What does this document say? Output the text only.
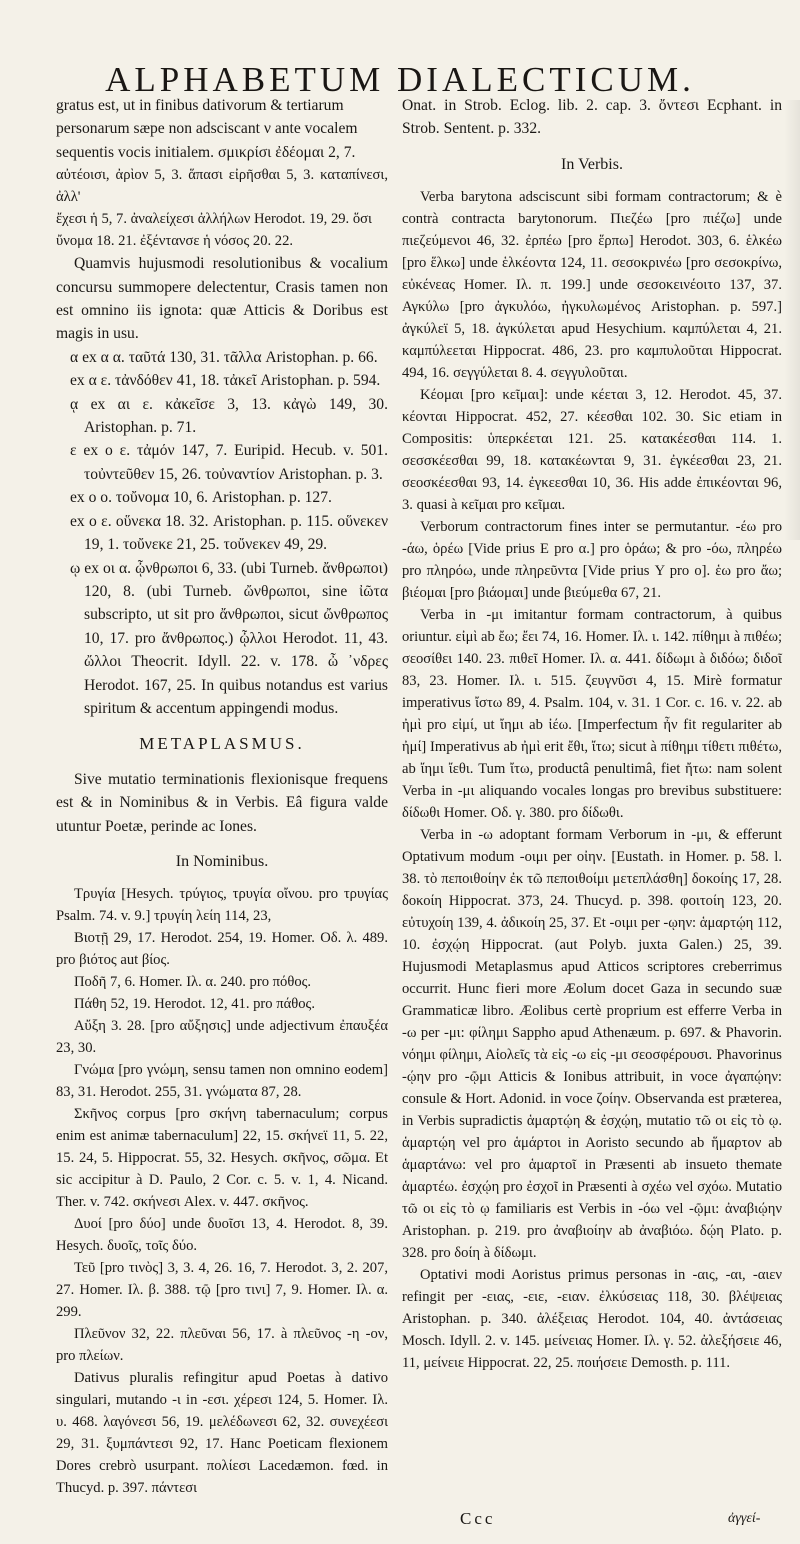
ALPHABETUM DIALECTICUM.

gratus est, ut in finibus dativorum & tertiarum

personarum sæpe non adsciscant ν ante vocalem

sequentis vocis initialem. σμικρίσι ἐδέομαι 2, 7.

αὐτέοισι, ἀρὶον 5, 3. ἅπασι εἰρῆσθαι 5, 3. καταπίνεσι, ἀλλ'

ἔχεσι ἡ 5, 7. ἀναλείχεσι ἀλλήλων Herodot. 19, 29. ὅσι

ὔνομα 18. 21. ἐξέντανσε ἡ νόσος 20. 22.

Quamvis hujusmodi resolutionibus & vocalium concursu summopere delectentur, Crasis tamen non est omnino iis ignota: quæ Atticis & Doribus est magis in usu.

α ex α α. ταῦτά 130, 31. τᾶλλα Aristophan. p. 66.

ex α ε. τἀνδόθεν 41, 18. τἀκεῖ Aristophan. p. 594.

ᾳ ex αι ε. κἀκεῖσε 3, 13. κἀγὼ 149, 30. Aristophan. p. 71.

ε ex ο ε. τἀμόν 147, 7. Euripid. Hecub. v. 501. τοὐντεῦθεν 15, 26. τοὐναντίον Aristophan. p. 3.

ex ο ο. τοὔνομα 10, 6. Aristophan. p. 127.

ex ο ε. οὕνεκα 18. 32. Aristophan. p. 115. οὕνεκεν 19, 1. τοὔνεκε 21, 25. τοὔνεκεν 49, 29.

ῳ ex οι α. ᾦνθρωποι 6, 33. (ubi Turneb. ἄνθρωποι) 120, 8. (ubi Turneb. ὤνθρωποι, sine ἰῶτα subscripto, ut sit pro ἄνθρωποι, sicut ὤνθρωπος 10, 17. pro ἄνθρωπος.) ᾦλλοι Herodot. 11, 43. ὤλλοι Theocrit. Idyll. 22. v. 178. ὦ ᾽νδρες Herodot. 167, 25. In quibus notandus est varius spiritum & accentum appingendi modus.

METAPLASMUS.

Sive mutatio terminationis flexionisque frequens est & in Nominibus & in Verbis. Eâ figura valde utuntur Poetæ, perinde ac Iones.

In Nominibus.

Τρυγία [Hesych. τρύγιος, τρυγία οἴνου. pro τρυγίας Psalm. 74. v. 9.] τρυγίη λείη 114, 23,

Βιοτῇ 29, 17. Herodot. 254, 19. Homer. Οδ. λ. 489. pro βιότος aut βίος.

Ποδῆ 7, 6. Homer. Ιλ. α. 240. pro πόθος.

Πάθη 52, 19. Herodot. 12, 41. pro πάθος.

Αὔξη 3. 28. [pro αὔξησις] unde adjectivum ἐπαυξέα 23, 30.

Γνώμα [pro γνώμη, sensu tamen non omnino eodem] 83, 31. Herodot. 255, 31. γνώματα 87, 28.

Σκῆνος corpus [pro σκήνη tabernaculum; corpus enim est animæ tabernaculum] 22, 15. σκήνεϊ 11, 5. 22, 15. 24, 5. Hippocrat. 55, 32. Hesych. σκῆνος, σῶμα. Et sic accipitur à D. Paulo, 2 Cor. c. 5. v. 1, 4. Nicand. Ther. v. 742. σκήνεσι Alex. v. 447. σκῆνος.

Δυοί [pro δύο] unde δυοῖσι 13, 4. Herodot. 8, 39. Hesych. δυοῖς, τοῖς δύο.

Τεῦ [pro τινὸς] 3, 3. 4, 26. 16, 7. Herodot. 3, 2. 207, 27. Homer. Ιλ. β. 388. τῷ [pro τινι] 7, 9. Homer. Ιλ. α. 299.

Πλεῦνον 32, 22. πλεῦναι 56, 17. à πλεῦνος -η -ον, pro πλείων.

Dativus pluralis refingitur apud Poetas à dativo singulari, mutando -ι in -εσι. χέρεσι 124, 5. Homer. Ιλ. υ. 468. λαγόνεσι 56, 19. μελέδωνεσι 62, 32. συνεχέεσι 29, 31. ξυμπάντεσι 92, 17. Hanc Poeticam flexionem Dores crebrò usurpant. πολίεσι Lacedæmon. fœd. in Thucyd. p. 397. πάντεσι

Onat. in Strob. Eclog. lib. 2. cap. 3. ὄντεσι Ecphant. in Strob. Sentent. p. 332.

In Verbis.

Verba barytona adsciscunt sibi formam contractorum; & è contrà contracta barytonorum. Πιεζέω [pro πιέζω] unde πιεζεύμενοι 46, 32. ἐρπέω [pro ἕρπω] Herodot. 303, 6. ἑλκέω [pro ἕλκω] unde ἑλκέοντα 124, 11. σεσοκρινέω [pro σεσοκρίνω, εὐκένεας Homer. Ιλ. π. 199.] unde σεσοκεινέοιτο 137, 37. Αγκύλω [pro ἀγκυλόω, ἠγκυλωμένος Aristophan. p. 597.] ἀγκύλεϊ 5, 18. ἀγκύλεται apud Hesychium. καμπύλεται 4, 21. καμπύλεεται Hippocrat. 486, 23. pro καμπυλοῦται Hippocrat. 494, 16. σεγγύλεται 8. 4. σεγγυλοῦται.

Κέομαι [pro κεῖμαι]: unde κέεται 3, 12. Herodot. 45, 37. κέονται Hippocrat. 452, 27. κέεσθαι 102. 30. Sic etiam in Compositis: ὑπερκέεται 121. 25. κατακέεσθαι 114. 1. σεσσκέεσθαι 99, 18. κατακέωνται 9, 31. ἐγκέεσθαι 23, 21. σεοσκέεσθαι 93, 14. ἐγκεεσθαι 10, 36. His adde ἐπικέονται 96, 3. quasi à κεῖμαι pro κεῖμαι.

Verborum contractorum fines inter se permutantur. -έω pro -άω, ὁρέω [Vide prius E pro α.] pro ὁράω; & pro -όω, πληρέω pro πληρόω, unde πληρεῦντα [Vide prius Υ pro ο]. ἑω pro ἄω; βιέομαι [pro βιάομαι] unde βιεύμεθα 67, 21.

Verba in -μι imitantur formam contractorum, à quibus oriuntur. εἰμὶ ab ἔω; ἔει 74, 16. Homer. Ιλ. ι. 142. πίθημι à πιθέω; σεοσίθει 140. 23. πιθεῖ Homer. Ιλ. α. 441. δίδωμι à διδόω; διδοῖ 83, 23. Homer. Ιλ. ι. 515. ζευγνῦσι 4, 15. Mirè formatur imperativus ἴστω 89, 4. Psalm. 104, v. 31. 1 Cor. c. 16. v. 22. ab ἠμὶ pro εἰμί, ut ἴημι ab ἰέω. [Imperfectum ἦν fit regulariter ab ἠμί] Imperativus ab ἠμὶ erit ἔθι, ἴτω; sicut à πίθημι τίθετι πιθέτω, ab ἴημι ἴεθι. Tum ἴτω, productâ penultimâ, fiet ἤτω: nam solent Verba in -μι aliquando vocales longas pro brevibus substituere: δίδωθι Homer. Οδ. γ. 380. pro δίδωθι.

Verba in -ω adoptant formam Verborum in -μι, & efferunt Optativum modum -οιμι per οἰην. [Eustath. in Homer. p. 58. l. 38. τὸ πεποιθοίην ἐκ τῶ πεποιθοίμι μετεπλάσθη] δοκοίης 17, 28. δοκοίη Hippocrat. 373, 24. Thucyd. p. 398. φοιτοίη 123, 20. εὐτυχοίη 139, 4. ἀδικοίη 25, 37. Et -οιμι per -ῳην: ἁμαρτῴη 112, 10. ἐσχῴη Hippocrat. (aut Polyb. juxta Galen.) 25, 39. Hujusmodi Metaplasmus apud Atticos scriptores creberrimus occurrit. Hunc fieri more Æolum docet Gaza in secundo suæ Grammaticæ libro. Æolibus certè proprium est efferre Verba in -ω per -μι: φίλημι Sappho apud Athenæum. p. 697. & Phavorin. νόημι φίλημι, Αἰολεῖς τὰ εἰς -ω εἰς -μι σεοσφέρουσι. Phavorinus -ῴην pro -ῷμι Atticis & Ionibus attribuit, in voce ἀγαπῴην: consule & Hort. Adonid. in voce ζοίην. Observanda est præterea, in Verbis supradictis ἁμαρτῴη & ἐσχῴη, mutatio τῶ οι εἰς τὸ ῳ. ἁμαρτῴη vel pro ἁμάρτοι in Aoristo secundo ab ἥμαρτον ab ἁμαρτάνω: vel pro ἁμαρτοῖ in Præsenti ab insueto themate ἁμαρτέω. ἐσχῴη pro ἐσχοῖ in Præsenti à σχέω vel σχόω. Mutatio τῶ οι εἰς τὸ ῳ familiaris est Verbis in -όω vel -ῷμι: ἀναβιῴην Aristophan. p. 219. pro ἀναβιοίην ab ἀναβιόω. δῴη Plato. p. 328. pro δοίη à δίδωμι.

Optativi modi Aoristus primus personas in -αις, -αι, -αιεν refingit per -ειας, -ειε, -ειαν. ἐλκύσειας 118, 30. βλέψειας Aristophan. p. 340. ἀλέξειας Herodot. 104, 40. ἀντάσειας Mosch. Idyll. 2. v. 145. μείνειας Homer. Ιλ. γ. 52. ἀλεξήσειε 46, 11, μείνειε Hippocrat. 22, 25. ποιήσειε Demosth. p. 111.

Ccc	ἀγγεί-
